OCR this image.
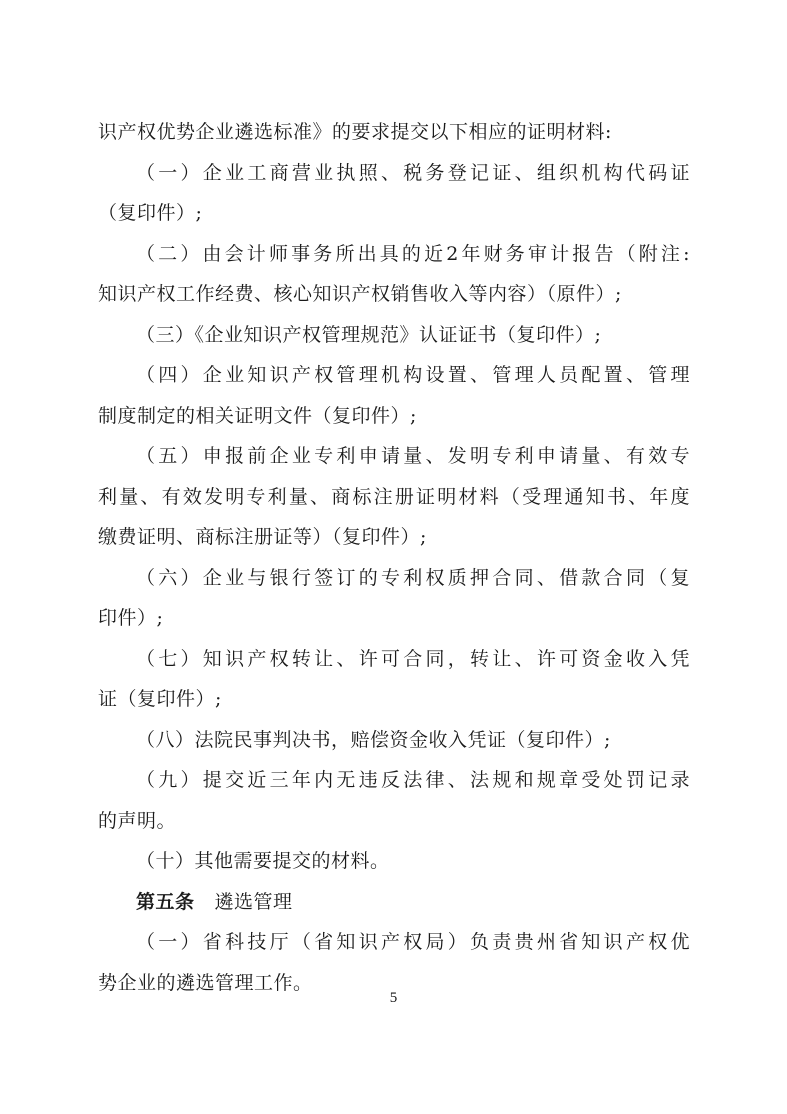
识产权优势企业遴选标准》的要求提交以下相应的证明材料:
（一）企业工商营业执照、税务登记证、组织机构代码证
（复印件）;
（二）由会计师事务所出具的近2年财务审计报告（附注:
知识产权工作经费、核心知识产权销售收入等内容）（原件）;
（三）《企业知识产权管理规范》认证证书（复印件）;
（四）企业知识产权管理机构设置、管理人员配置、管理
制度制定的相关证明文件（复印件）;
（五）申报前企业专利申请量、发明专利申请量、有效专
利量、有效发明专利量、商标注册证明材料（受理通知书、年度
缴费证明、商标注册证等）（复印件）;
（六）企业与银行签订的专利权质押合同、借款合同（复
印件）;
（七）知识产权转让、许可合同，转让、许可资金收入凭
证（复印件）;
（八）法院民事判决书，赔偿资金收入凭证（复印件）;
（九）提交近三年内无违反法律、法规和规章受处罚记录
的声明。
（十）其他需要提交的材料。
第五条 遴选管理
（一）省科技厅（省知识产权局）负责贵州省知识产权优
势企业的遴选管理工作。
5
